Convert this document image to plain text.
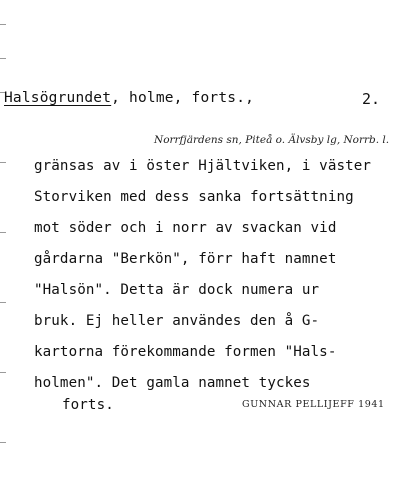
Halsögrundet, holme, forts.,	2.
Norrfjärdens sn, Piteå o. Älvsby lg, Norrb. l.
gränsas av i öster Hjältviken, i väster
Storviken med dess sanka fortsättning
mot söder och i norr av svackan vid
gårdarna "Berkön", förr haft namnet
"Halsön". Detta är dock numera ur
bruk. Ej heller användes den å G-
kartorna förekommande formen "Hals-
holmen". Det gamla namnet tyckes
forts.	GUNNAR PELLIJEFF 1941
